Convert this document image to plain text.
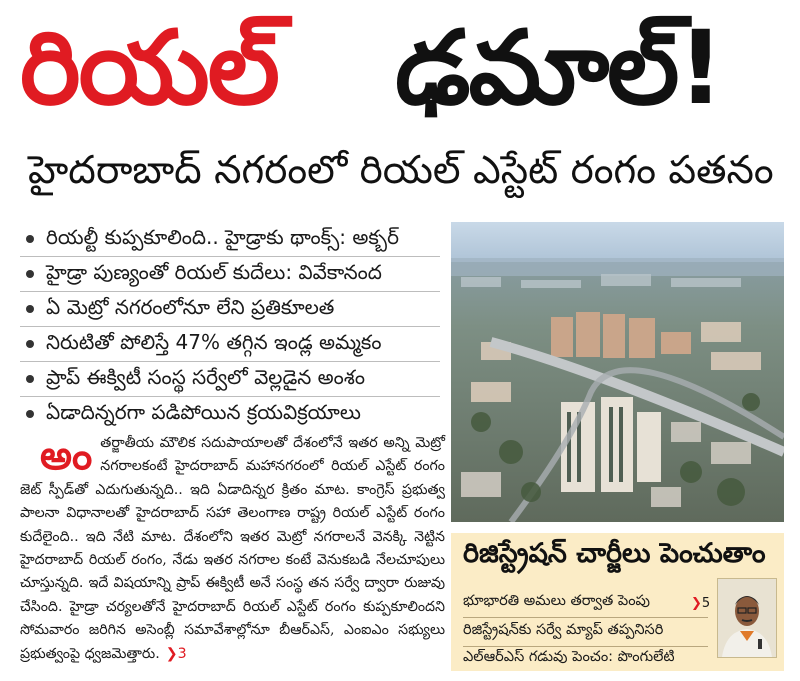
రియల్ ఢమాల్!
హైదరాబాద్ నగరంలో రియల్ ఎస్టేట్ రంగం పతనం
రియల్టీ కుప్పకూలింది.. హైడ్రాకు థాంక్స్: అక్బర్
హైడ్రా పుణ్యంతో రియల్ కుదేలు: వివేకానంద
ఏ మెట్రో నగరంలోనూ లేని ప్రతికూలత
నిరుటితో పోలిస్తే 47% తగ్గిన ఇండ్ల అమ్మకం
ప్రాప్ ఈక్విటీ సంస్థ సర్వేలో వెల్లడైన అంశం
ఏడాదిన్నరగా పడిపోయిన క్రయవిక్రయాలు
అంతర్జాతీయ మౌలిక సదుపాయాలతో దేశంలోనే ఇతర అన్ని మెట్రో నగరాలకంటే హైదరాబాద్ మహానగరంలో రియల్ ఎస్టేట్ రంగం జెట్ స్పీడ్‌తో ఎదుగుతున్నది.. ఇది ఏడాదిన్నర క్రితం మాట. కాంగ్రెస్ ప్రభుత్వ పాలనా విధానాలతో హైదరాబాద్ సహా తెలంగాణ రాష్ట్ర రియల్ ఎస్టేట్ రంగం కుదేలైంది.. ఇది నేటి మాట. దేశంలోని ఇతర మెట్రో నగరాలనే వెనక్కి నెట్టిన హైదరాబాద్ రియల్ రంగం, నేడు ఇతర నగరాల కంటే వెనుకబడి నేలచూపులు చూస్తున్నది. ఇదే విషయాన్ని ప్రాప్ ఈక్విటీ అనే సంస్థ తన సర్వే ద్వారా రుజువు చేసింది. హైడ్రా చర్యలతోనే హైదరాబాద్ రియల్ ఎస్టేట్ రంగం కుప్పకూలిందని సోమవారం జరిగిన అసెంబ్లీ సమావేశాల్లోనూ బీఆర్‌ఎస్, ఎంఐఎం సభ్యులు ప్రభుత్వంపై ధ్వజమెత్తారు. ❯3
రిజిస్ట్రేషన్ చార్జీలు పెంచుతాం
భూభారతి అమలు తర్వాత పెంపు
రిజిస్ట్రేషన్‌కు సర్వే మ్యాప్ తప్పనిసరి
ఎల్‌ఆర్‌ఎస్ గడువు పెంచం: పొంగులేటి
❯5
